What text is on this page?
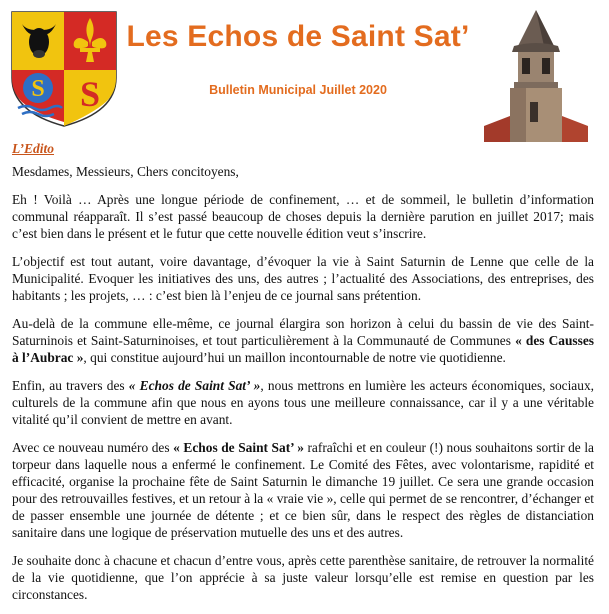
S S
Les Echos de Saint Sat’
Bulletin Municipal Juillet 2020
L’Edito

Mesdames, Messieurs, Chers concitoyens,

Eh ! Voilà … Après une longue période de confinement, … et de sommeil, le bulletin d’information communal réapparaît. Il s’est passé beaucoup de choses depuis la dernière parution en juillet 2017; mais c’est bien dans le présent et le futur que cette nouvelle édition veut s’inscrire.

L’objectif est tout autant, voire davantage, d’évoquer la vie à Saint Saturnin de Lenne que celle de la Municipalité. Evoquer les initiatives des uns, des autres ; l’actualité des Associations, des entreprises, des habitants ; les projets, … : c’est bien là l’enjeu de ce journal sans prétention.

Au-delà de la commune elle-même, ce journal élargira son horizon à celui du bassin de vie des Saint- Saturninois et Saint-Saturninoises, et tout particulièrement à la Communauté de Communes « des Causses à l’Aubrac », qui constitue aujourd’hui un maillon incontournable de notre vie quotidienne.

Enfin, au travers des « Echos de Saint Sat’ », nous mettrons en lumière les acteurs économiques, sociaux, culturels de la commune afin que nous en ayons tous une meilleure connaissance, car il y a une véritable vitalité qu’il convient de mettre en avant.

Avec ce nouveau numéro des « Echos de Saint Sat’ » rafraîchi et en couleur (!) nous souhaitons sortir de la torpeur dans laquelle nous a enfermé le confinement. Le Comité des Fêtes, avec volontarisme, rapidité et efficacité, organise la prochaine fête de Saint Saturnin le dimanche 19 juillet. Ce sera une grande occasion pour des retrouvailles festives, et un retour à la « vraie vie », celle qui permet de se rencontrer, d’échanger et de passer ensemble une journée de détente ; et ce bien sûr, dans le respect des règles de distanciation sanitaire dans une logique de préservation mutuelle des uns et des autres.

Je souhaite donc à chacune et chacun d’entre vous, après cette parenthèse sanitaire, de retrouver la normalité de la vie quotidienne, que l’on apprécie à sa juste valeur lorsqu’elle est remise en question par les circonstances.
